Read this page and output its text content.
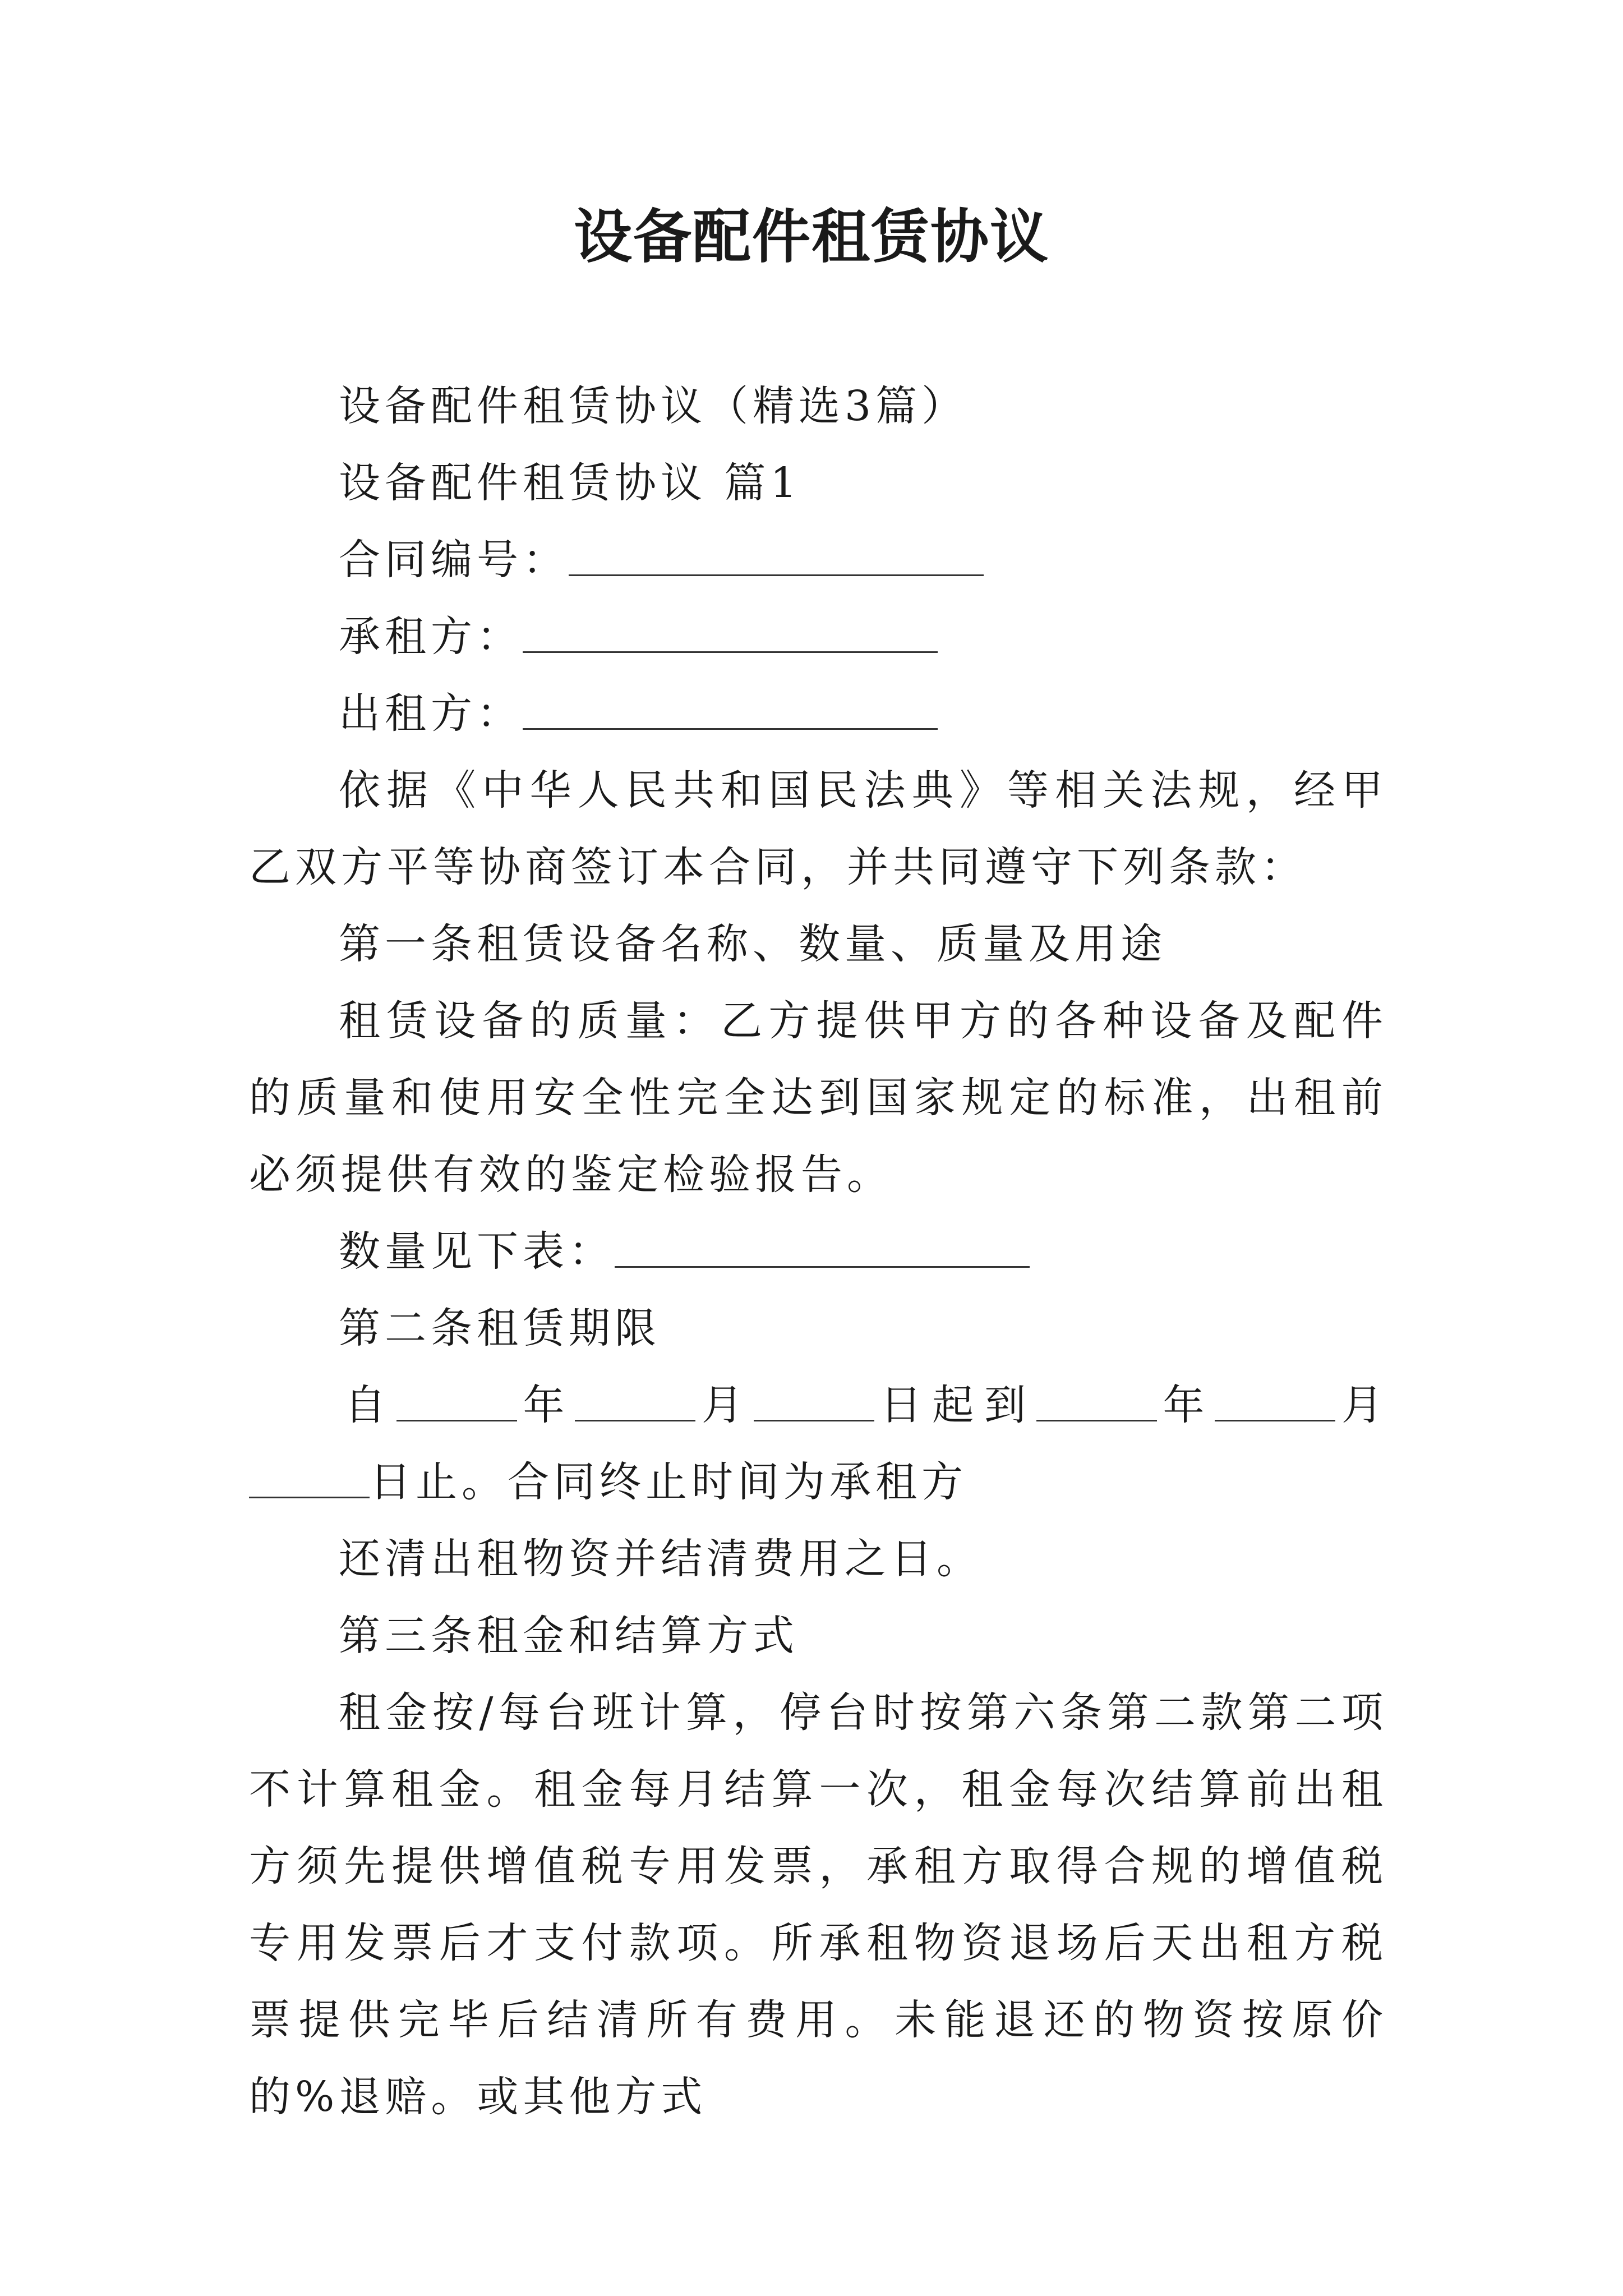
设备配件租赁协议

设备配件租赁协议（精选3篇）

设备配件租赁协议 篇1

合同编号：

承租方：

出租方：

依据《中华人民共和国民法典》等相关法规，经甲乙双方平等协商签订本合同，并共同遵守下列条款：

第一条租赁设备名称、数量、质量及用途

租赁设备的质量：乙方提供甲方的各种设备及配件的质量和使用安全性完全达到国家规定的标准，出租前必须提供有效的鉴定检验报告。

数量见下表：

第二条租赁期限

自	年	月	日起到	年	月日止。合同终止时间为承租方

还清出租物资并结清费用之日。

第三条租金和结算方式

租金按/每台班计算，停台时按第六条第二款第二项不计算租金。租金每月结算一次，租金每次结算前出租方须先提供增值税专用发票，承租方取得合规的增值税专用发票后才支付款项。所承租物资退场后天出租方税票提供完毕后结清所有费用。未能退还的物资按原价的%退赔。或其他方式
